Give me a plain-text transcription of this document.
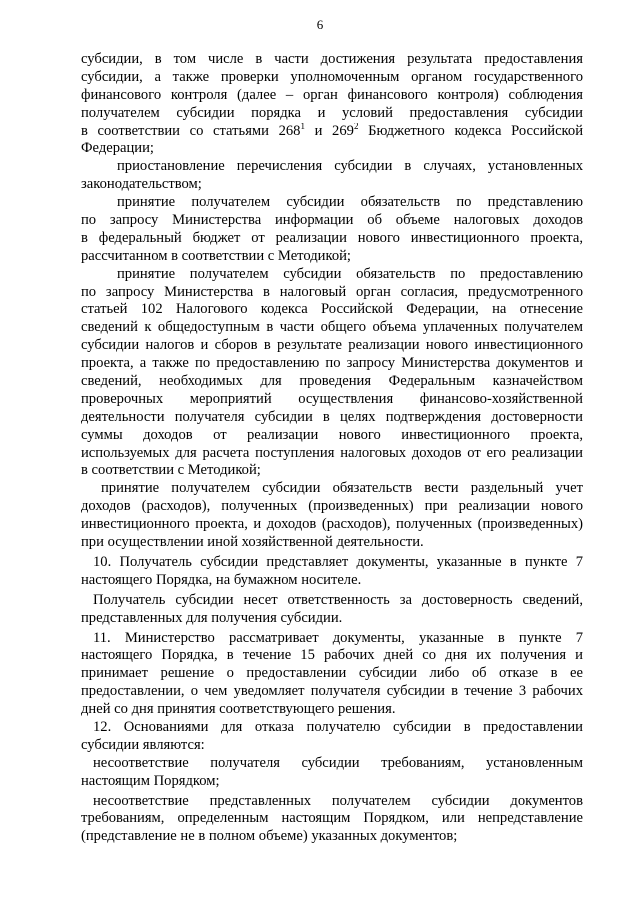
6
субсидии, в том числе в части достижения результата предоставления
субсидии, а также проверки уполномоченным органом государственного
финансового контроля (далее – орган финансового контроля) соблюдения
получателем субсидии порядка и условий предоставления субсидии
в соответствии со статьями $268^1$ и $269^2$ Бюджетного кодекса Российской
Федерации;
приостановление перечисления субсидии в случаях, установленных
законодательством;
принятие получателем субсидии обязательств по представлению
по запросу Министерства информации об объеме налоговых доходов
в федеральный бюджет от реализации нового инвестиционного проекта,
рассчитанном в соответствии с Методикой;
принятие получателем субсидии обязательств по предоставлению
по запросу Министерства в налоговый орган согласия, предусмотренного
статьей 102 Налогового кодекса Российской Федерации, на отнесение
сведений к общедоступным в части общего объема уплаченных получателем
субсидии налогов и сборов в результате реализации нового инвестиционного
проекта, а также по предоставлению по запросу Министерства документов и
сведений, необходимых для проведения Федеральным казначейством
проверочных мероприятий осуществления финансово-хозяйственной
деятельности получателя субсидии в целях подтверждения достоверности
суммы доходов от реализации нового инвестиционного проекта,
используемых для расчета поступления налоговых доходов от его реализации
в соответствии с Методикой;
принятие получателем субсидии обязательств вести раздельный учет
доходов (расходов), полученных (произведенных) при реализации нового
инвестиционного проекта, и доходов (расходов), полученных (произведенных)
при осуществлении иной хозяйственной деятельности.
10. Получатель субсидии представляет документы, указанные в пункте 7
настоящего Порядка, на бумажном носителе.
Получатель субсидии несет ответственность за достоверность сведений,
представленных для получения субсидии.
11. Министерство рассматривает документы, указанные в пункте 7
настоящего Порядка, в течение 15 рабочих дней со дня их получения и
принимает решение о предоставлении субсидии либо об отказе в ее
предоставлении, о чем уведомляет получателя субсидии в течение 3 рабочих
дней со дня принятия соответствующего решения.
12. Основаниями для отказа получателю субсидии в предоставлении
субсидии являются:
несоответствие получателя субсидии требованиям, установленным
настоящим Порядком;
несоответствие представленных получателем субсидии документов
требованиям, определенным настоящим Порядком, или непредставление
(представление не в полном объеме) указанных документов;
